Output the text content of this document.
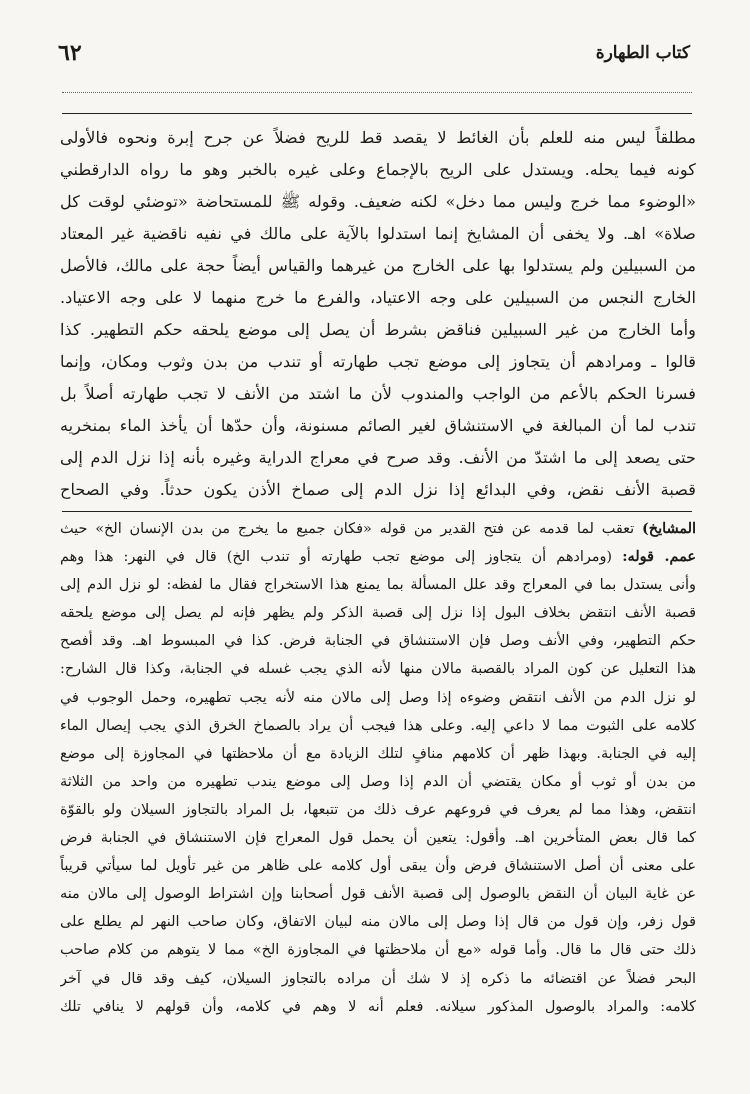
٦٢	كتاب الطهارة
مطلقاً ليس منه للعلم بأن الغائط لا يقصد قط للريح فضلاً عن جرح إبرة ونحوه فالأولى
كونه فيما يحله. ويستدل على الريح بالإجماع وعلى غيره بالخبر وهو ما رواه الدارقطني
«الوضوء مما خرج وليس مما دخل» لكنه ضعيف. وقوله ﷺ للمستحاضة «توضئي لوقت كل
صلاة» اهـ. ولا يخفى أن المشايخ إنما استدلوا بالآية على مالك في نفيه ناقضية غير المعتاد
من السبيلين ولم يستدلوا بها على الخارج من غيرهما والقياس أيضاً حجة على مالك، فالأصل
الخارج النجس من السبيلين على وجه الاعتياد، والفرع ما خرج منهما لا على وجه الاعتياد.
وأما الخارج من غير السبيلين فناقض بشرط أن يصل إلى موضع يلحقه حكم التطهير. كذا
قالوا ـ ومرادهم أن يتجاوز إلى موضع تجب طهارته أو تندب من بدن وثوب ومكان، وإنما
فسرنا الحكم بالأعم من الواجب والمندوب لأن ما اشتد من الأنف لا تجب طهارته أصلاً بل
تندب لما أن المبالغة في الاستنشاق لغير الصائم مسنونة، وأن حدّها أن يأخذ الماء بمنخريه
حتى يصعد إلى ما اشتدّ من الأنف. وقد صرح في معراج الدراية وغيره بأنه إذا نزل الدم إلى
قصبة الأنف نقض، وفي البدائع إذا نزل الدم إلى صماخ الأذن يكون حدثاً. وفي الصحاح
المشايخ) تعقب لما قدمه عن فتح القدير من قوله «فكان جميع ما يخرج من بدن الإنسان الخ» حيث
عمم. قوله: (ومرادهم أن يتجاوز إلى موضع تجب طهارته أو تندب الخ) قال في النهر: هذا وهم
وأنى يستدل بما في المعراج وقد علل المسألة بما يمنع هذا الاستخراج فقال ما لفظه: لو نزل الدم إلى
قصبة الأنف انتقض بخلاف البول إذا نزل إلى قصبة الذكر ولم يظهر فإنه لم يصل إلى موضع يلحقه
حكم التطهير، وفي الأنف وصل فإن الاستنشاق في الجنابة فرض. كذا في المبسوط اهـ. وقد أفصح
هذا التعليل عن كون المراد بالقصبة مالان منها لأنه الذي يجب غسله في الجنابة، وكذا قال الشارح:
لو نزل الدم من الأنف انتقض وضوءه إذا وصل إلى مالان منه لأنه يجب تطهيره، وحمل الوجوب في
كلامه على الثبوت مما لا داعي إليه. وعلى هذا فيجب أن يراد بالصماخ الخرق الذي يجب إيصال الماء
إليه في الجنابة. وبهذا ظهر أن كلامهم منافٍ لتلك الزيادة مع أن ملاحظتها في المجاوزة إلى موضع
من بدن أو ثوب أو مكان يقتضي أن الدم إذا وصل إلى موضع يندب تطهيره من واحد من الثلاثة
انتقض، وهذا مما لم يعرف في فروعهم عرف ذلك من تتبعها، بل المراد بالتجاوز السيلان ولو بالقوّة
كما قال بعض المتأخرين اهـ. وأقول: يتعين أن يحمل قول المعراج فإن الاستنشاق في الجنابة فرض
على معنى أن أصل الاستنشاق فرض وأن يبقى أول كلامه على ظاهر من غير تأويل لما سيأتي قريباً
عن غاية البيان أن النقض بالوصول إلى قصبة الأنف قول أصحابنا وإن اشتراط الوصول إلى مالان منه
قول زفر، وإن قول من قال إذا وصل إلى مالان منه لبيان الاتفاق، وكان صاحب النهر لم يطلع على
ذلك حتى قال ما قال. وأما قوله «مع أن ملاحظتها في المجاوزة الخ» مما لا يتوهم من كلام صاحب
البحر فضلاً عن اقتضائه ما ذكره إذ لا شك أن مراده بالتجاوز السيلان، كيف وقد قال في آخر
كلامه: والمراد بالوصول المذكور سيلانه. فعلم أنه لا وهم في كلامه، وأن قولهم لا ينافي تلك
